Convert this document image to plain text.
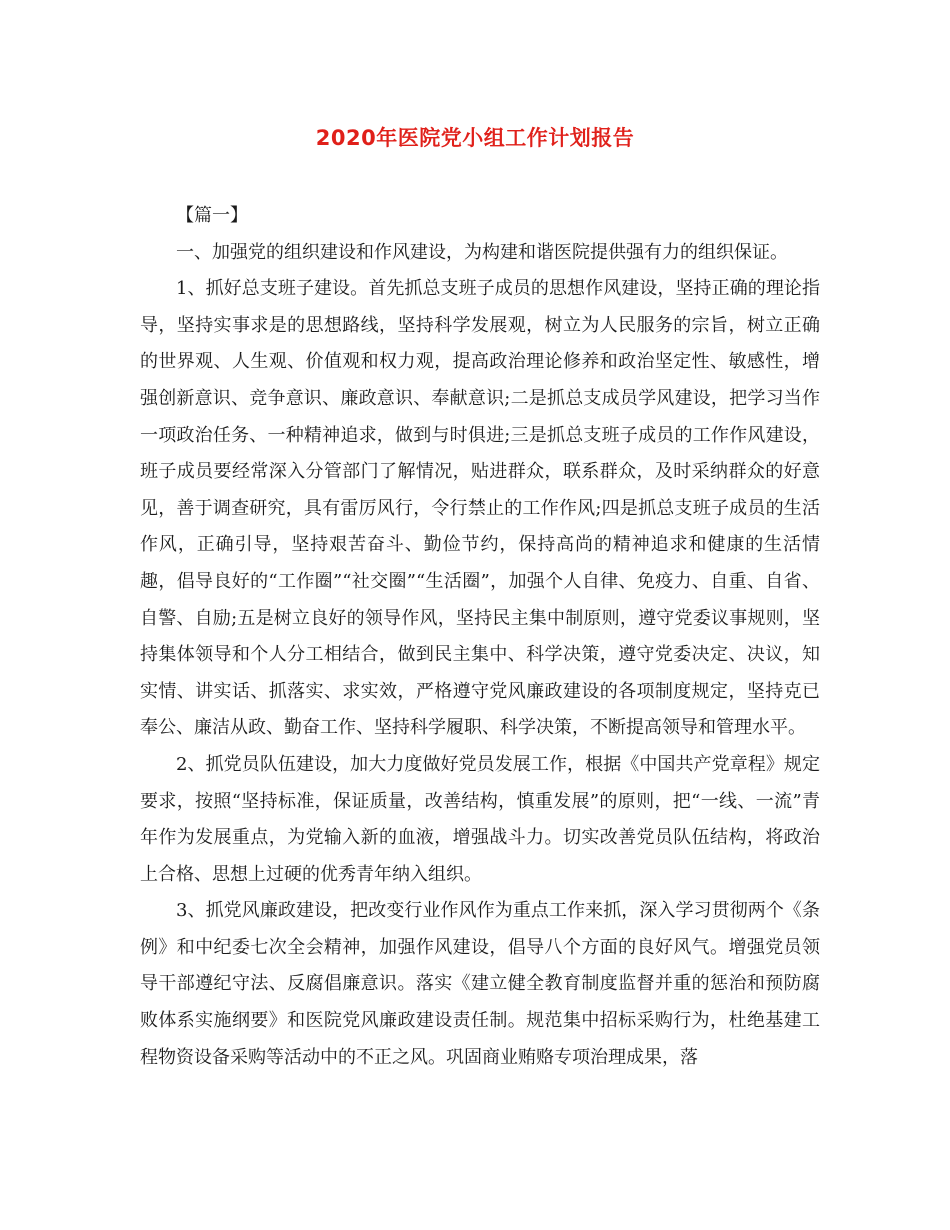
2020年医院党小组工作计划报告

【篇一】

一、加强党的组织建设和作风建设，为构建和谐医院提供强有力的组织保证。

1、抓好总支班子建设。首先抓总支班子成员的思想作风建设，坚持正确的理论指导，坚持实事求是的思想路线，坚持科学发展观，树立为人民服务的宗旨，树立正确的世界观、人生观、价值观和权力观，提高政治理论修养和政治坚定性、敏感性，增强创新意识、竞争意识、廉政意识、奉献意识;二是抓总支成员学风建设，把学习当作一项政治任务、一种精神追求，做到与时俱进;三是抓总支班子成员的工作作风建设，班子成员要经常深入分管部门了解情况，贴进群众，联系群众，及时采纳群众的好意见，善于调查研究，具有雷厉风行，令行禁止的工作作风;四是抓总支班子成员的生活作风，正确引导，坚持艰苦奋斗、勤俭节约，保持高尚的精神追求和健康的生活情趣，倡导良好的“工作圈”“社交圈”“生活圈”，加强个人自律、免疫力、自重、自省、自警、自励;五是树立良好的领导作风，坚持民主集中制原则，遵守党委议事规则，坚持集体领导和个人分工相结合，做到民主集中、科学决策，遵守党委决定、决议，知实情、讲实话、抓落实、求实效，严格遵守党风廉政建设的各项制度规定，坚持克已奉公、廉洁从政、勤奋工作、坚持科学履职、科学决策，不断提高领导和管理水平。

2、抓党员队伍建设，加大力度做好党员发展工作，根据《中国共产党章程》规定要求，按照“坚持标准，保证质量，改善结构，慎重发展”的原则，把“一线、一流”青年作为发展重点，为党输入新的血液，增强战斗力。切实改善党员队伍结构，将政治上合格、思想上过硬的优秀青年纳入组织。

3、抓党风廉政建设，把改变行业作风作为重点工作来抓，深入学习贯彻两个《条例》和中纪委七次全会精神，加强作风建设，倡导八个方面的良好风气。增强党员领导干部遵纪守法、反腐倡廉意识。落实《建立健全教育制度监督并重的惩治和预防腐败体系实施纲要》和医院党风廉政建设责任制。规范集中招标采购行为，杜绝基建工程物资设备采购等活动中的不正之风。巩固商业贿赂专项治理成果，落
